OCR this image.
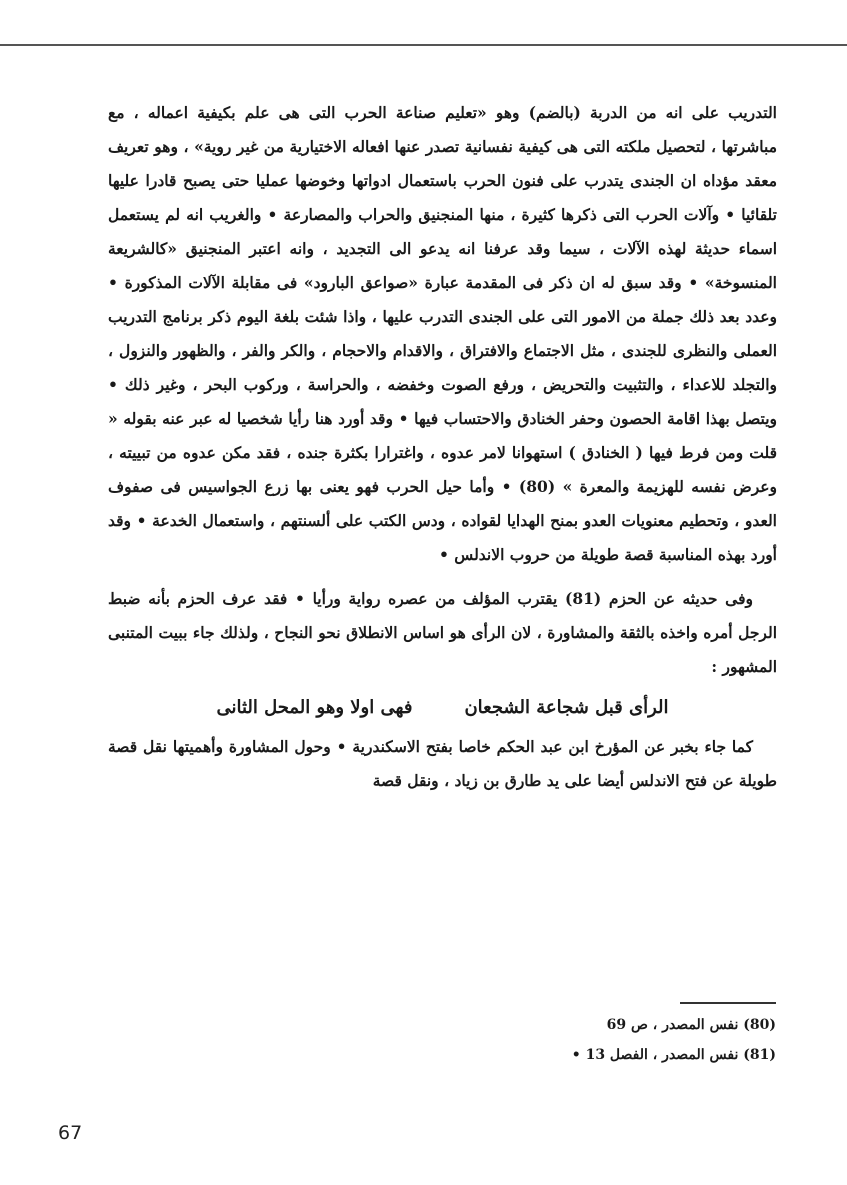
التدريب على انه من الدربة (بالضم) وهو «تعليم صناعة الحرب التى هى علم بكيفية اعماله ، مع مباشرتها ، لتحصيل ملكته التى هى كيفية نفسانية تصدر عنها افعاله الاختيارية من غير روية» ، وهو تعريف معقد مؤداه ان الجندى يتدرب على فنون الحرب باستعمال ادواتها وخوضها عمليا حتى يصبح قادرا عليها تلقائيا • وآلات الحرب التى ذكرها كثيرة ، منها المنجنيق والحراب والمصارعة • والغريب انه لم يستعمل اسماء حديثة لهذه الآلات ، سيما وقد عرفنا انه يدعو الى التجديد ، وانه اعتبر المنجنيق «كالشريعة المنسوخة» • وقد سبق له ان ذكر فى المقدمة عبارة «صواعق البارود» فى مقابلة الآلات المذكورة • وعدد بعد ذلك جملة من الامور التى على الجندى التدرب عليها ، واذا شئت بلغة اليوم ذكر برنامج التدريب العملى والنظرى للجندى ، مثل الاجتماع والافتراق ، والاقدام والاحجام ، والكر والفر ، والظهور والنزول ، والتجلد للاعداء ، والتثبيت والتحريض ، ورفع الصوت وخفضه ، والحراسة ، وركوب البحر ، وغير ذلك • ويتصل بهذا اقامة الحصون وحفر الخنادق والاحتساب فيها • وقد أورد هنا رأيا شخصيا له عبر عنه بقوله « قلت ومن فرط فيها ( الخنادق ) استهوانا لامر عدوه ، واغترارا بكثرة جنده ، فقد مكن عدوه من تبييته ، وعرض نفسه للهزيمة والمعرة » (80) • وأما حيل الحرب فهو يعنى بها زرع الجواسيس فى صفوف العدو ، وتحطيم معنويات العدو بمنح الهدايا لقواده ، ودس الكتب على ألسنتهم ، واستعمال الخدعة • وقد أورد بهذه المناسبة قصة طويلة من حروب الاندلس •

وفى حديثه عن الحزم (81) يقترب المؤلف من عصره رواية ورأيا • فقد عرف الحزم بأنه ضبط الرجل أمره واخذه بالثقة والمشاورة ، لان الرأى هو اساس الانطلاق نحو النجاح ، ولذلك جاء ببيت المتنبى المشهور :

الرأى قبل شجاعة الشجعان
فهى اولا وهو المحل الثانى

كما جاء بخبر عن المؤرخ ابن عبد الحكم خاصا بفتح الاسكندرية • وحول المشاورة وأهميتها نقل قصة طويلة عن فتح الاندلس أيضا على يد طارق بن زياد ، ونقل قصة

(80) نفس المصدر ، ص 69
(81) نفس المصدر ، الفصل 13 •
67
